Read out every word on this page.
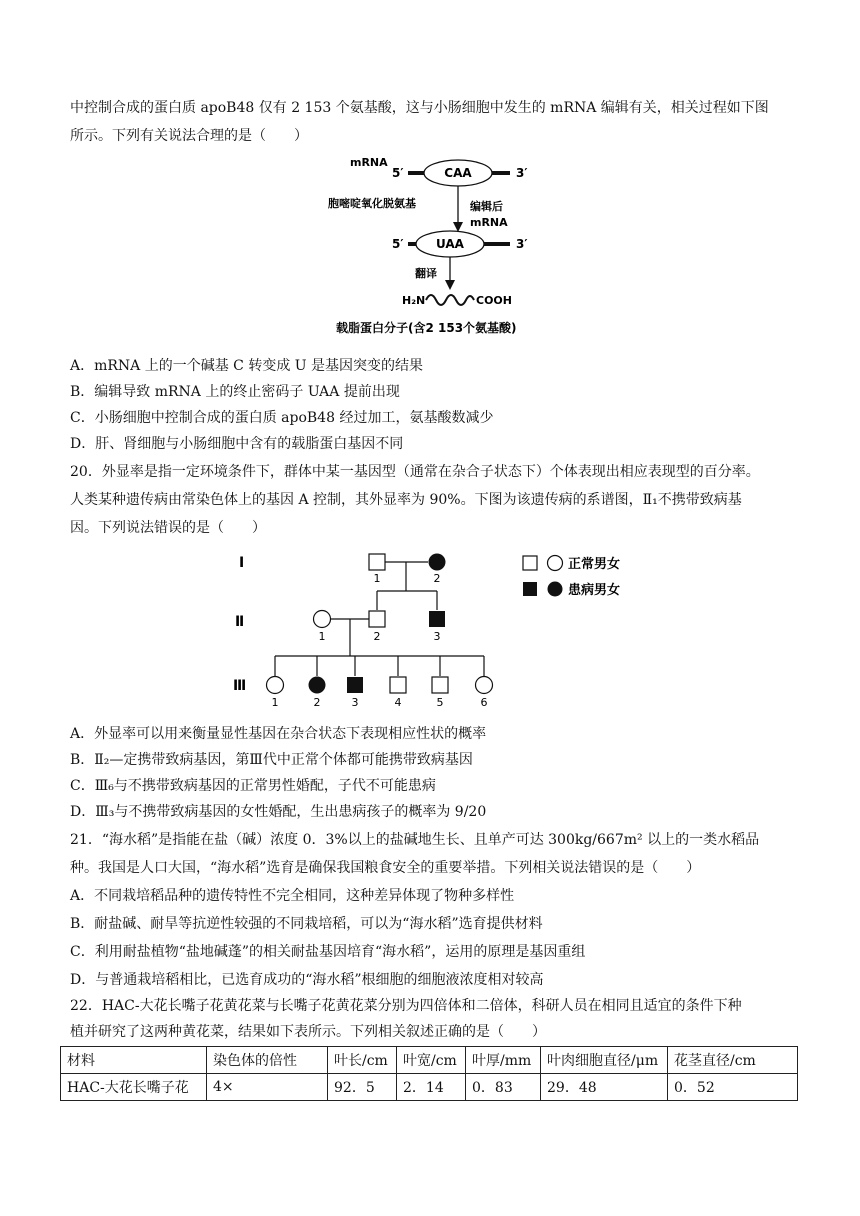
中控制合成的蛋白质 apoB48 仅有 2 153 个氨基酸，这与小肠细胞中发生的 mRNA 编辑有关，相关过程如下图
所示。下列有关说法合理的是（　　）
mRNA
5′	CAA	3′
胞嘧啶氧化脱氨基	编辑后
mRNA
5′	UAA	3′
翻译
H₂N	COOH
载脂蛋白分子(含2 153个氨基酸)
A．mRNA 上的一个碱基 C 转变成 U 是基因突变的结果
B．编辑导致 mRNA 上的终止密码子 UAA 提前出现
C．小肠细胞中控制合成的蛋白质 apoB48 经过加工，氨基酸数减少
D．肝、肾细胞与小肠细胞中含有的载脂蛋白基因不同
20．外显率是指一定环境条件下，群体中某一基因型（通常在杂合子状态下）个体表现出相应表现型的百分率。
人类某种遗传病由常染色体上的基因 A 控制，其外显率为 90%。下图为该遗传病的系谱图，Ⅱ₁不携带致病基
因。下列说法错误的是（　　）
Ⅰ
Ⅱ
Ⅲ
1	2
1	2	3
1	2	3	4	5	6
正常男女
患病男女
A．外显率可以用来衡量显性基因在杂合状态下表现相应性状的概率
B．Ⅱ₂—定携带致病基因，第Ⅲ代中正常个体都可能携带致病基因
C．Ⅲ₆与不携带致病基因的正常男性婚配，子代不可能患病
D．Ⅲ₃与不携带致病基因的女性婚配，生出患病孩子的概率为 9/20
21．“海水稻”是指能在盐（碱）浓度 0．3%以上的盐碱地生长、且单产可达 300kg/667m² 以上的一类水稻品
种。我国是人口大国，“海水稻”选育是确保我国粮食安全的重要举措。下列相关说法错误的是（　　）
A．不同栽培稻品种的遗传特性不完全相同，这种差异体现了物种多样性
B．耐盐碱、耐旱等抗逆性较强的不同栽培稻，可以为“海水稻”选育提供材料
C．利用耐盐植物“盐地碱蓬”的相关耐盐基因培育“海水稻”，运用的原理是基因重组
D．与普通栽培稻相比，已选育成功的“海水稻”根细胞的细胞液浓度相对较高
22．HAC-大花长嘴子花黄花菜与长嘴子花黄花菜分别为四倍体和二倍体，科研人员在相同且适宜的条件下种
植并研究了这两种黄花菜，结果如下表所示。下列相关叙述正确的是（　　）
材料	染色体的倍性	叶长/cm	叶宽/cm	叶厚/mm	叶肉细胞直径/μm	花茎直径/cm
HAC-大花长嘴子花	4×	92．5	2．14	0．83	29．48	0．52
